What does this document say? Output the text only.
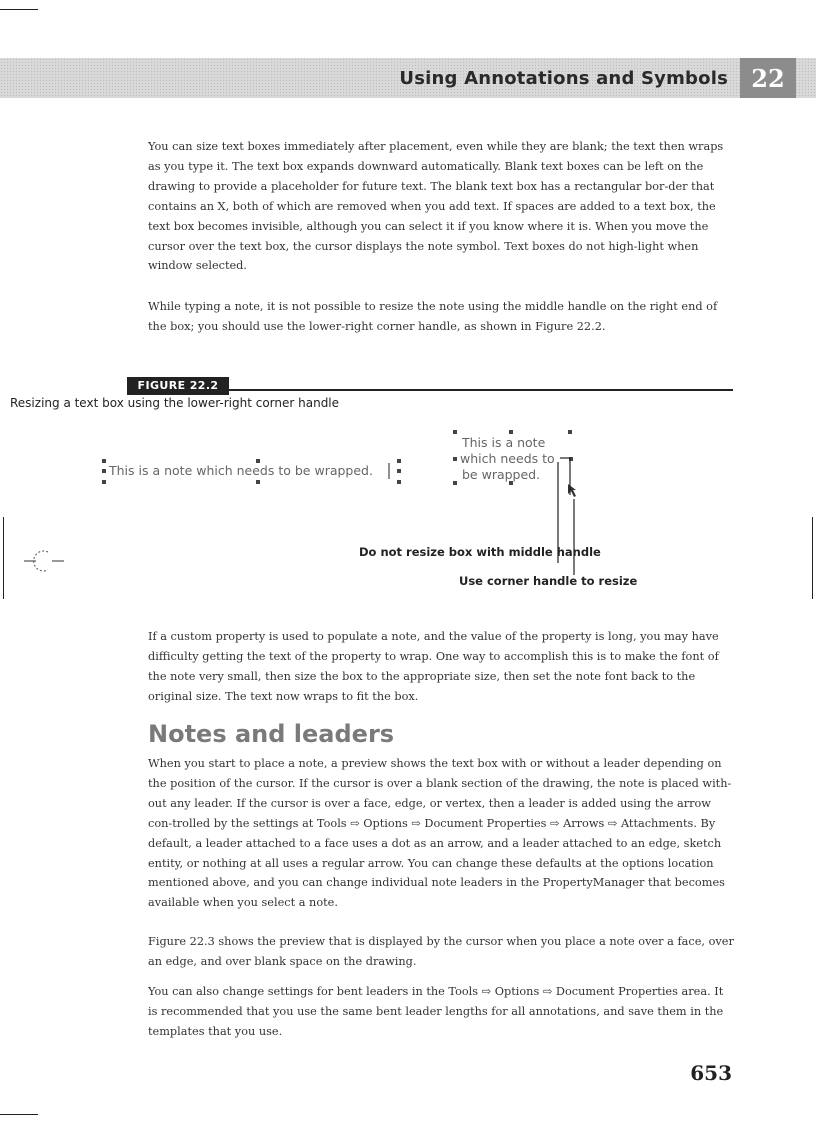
Using Annotations and Symbols 22

You can size text boxes immediately after placement, even while they are blank; the text then wraps as you type it. The text box expands downward automatically. Blank text boxes can be left on the drawing to provide a placeholder for future text. The blank text box has a rectangular bor-der that contains an X, both of which are removed when you add text. If spaces are added to a text box, the text box becomes invisible, although you can select it if you know where it is. When you move the cursor over the text box, the cursor displays the note symbol. Text boxes do not high-light when window selected.

While typing a note, it is not possible to resize the note using the middle handle on the right end of the box; you should use the lower-right corner handle, as shown in Figure 22.2.

FIGURE 22.2
Resizing a text box using the lower-right corner handle
This is a note which needs to be wrapped.
This is a note
which needs to
be wrapped.
Do not resize box with middle handle
Use corner handle to resize

If a custom property is used to populate a note, and the value of the property is long, you may have difficulty getting the text of the property to wrap. One way to accomplish this is to make the font of the note very small, then size the box to the appropriate size, then set the note font back to the original size. The text now wraps to fit the box.

Notes and leaders

When you start to place a note, a preview shows the text box with or without a leader depending on the position of the cursor. If the cursor is over a blank section of the drawing, the note is placed with-out any leader. If the cursor is over a face, edge, or vertex, then a leader is added using the arrow con-trolled by the settings at Tools ⇨ Options ⇨ Document Properties ⇨ Arrows ⇨ Attachments. By default, a leader attached to a face uses a dot as an arrow, and a leader attached to an edge, sketch entity, or nothing at all uses a regular arrow. You can change these defaults at the options location mentioned above, and you can change individual note leaders in the PropertyManager that becomes available when you select a note.

Figure 22.3 shows the preview that is displayed by the cursor when you place a note over a face, over an edge, and over blank space on the drawing.

You can also change settings for bent leaders in the Tools ⇨ Options ⇨ Document Properties area. It is recommended that you use the same bent leader lengths for all annotations, and save them in the templates that you use.

653
